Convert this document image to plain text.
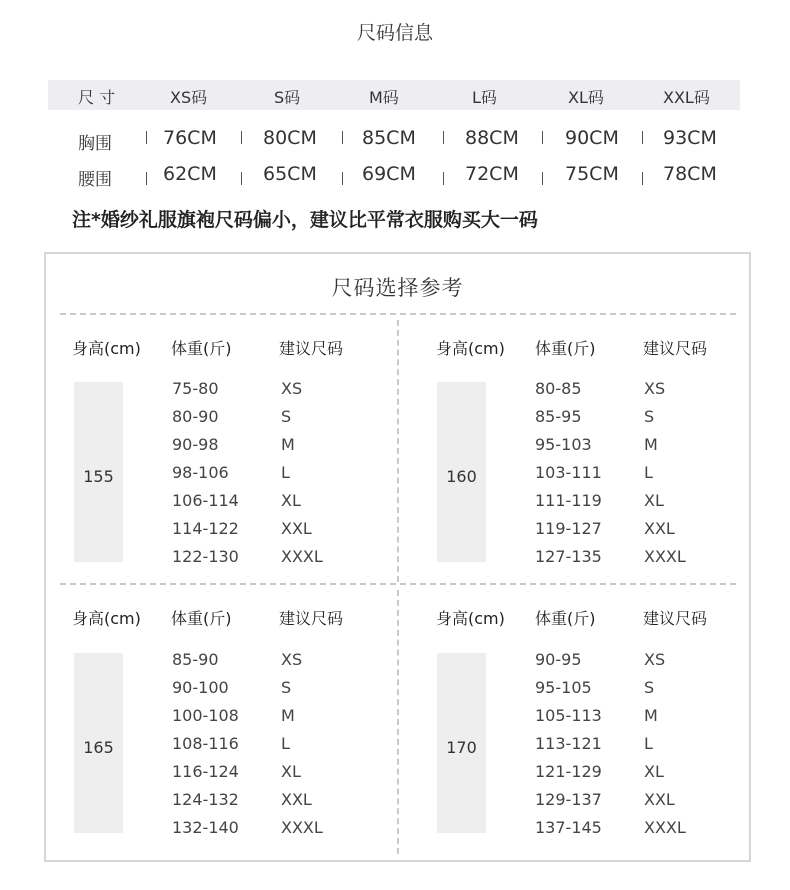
尺码信息
尺 寸	XS码	S码	M码	L码	XL码	XXL码
胸围	76CM 80CM 85CM	88CM 90CM 93CM
腰围	62CM 65CM 69CM	72CM 75CM 78CM
注*婚纱礼服旗袍尺码偏小，建议比平常衣服购买大一码
尺码选择参考
身高(cm) 体重(斤)	建议尺码
155
75-80	XS
80-90	S
90-98	M
98-106	L
106-114	XL
114-122	XXL
122-130	XXXL
身高(cm) 体重(斤)	建议尺码
160
80-85	XS
85-95	S
95-103	M
103-111	L
111-119	XL
119-127	XXL
127-135	XXXL
身高(cm) 体重(斤)	建议尺码
165
85-90	XS
90-100	S
100-108	M
108-116	L
116-124	XL
124-132	XXL
132-140	XXXL
身高(cm) 体重(斤)	建议尺码
170
90-95	XS
95-105	S
105-113	M
113-121	L
121-129	XL
129-137	XXL
137-145	XXXL
